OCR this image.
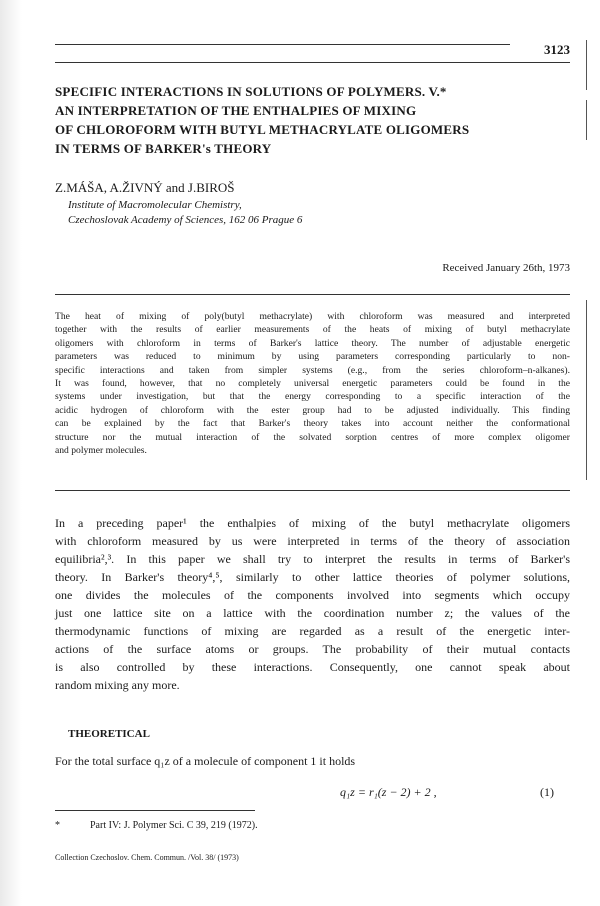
3123
SPECIFIC INTERACTIONS IN SOLUTIONS OF POLYMERS. V.*
AN INTERPRETATION OF THE ENTHALPIES OF MIXING
OF CHLOROFORM WITH BUTYL METHACRYLATE OLIGOMERS
IN TERMS OF BARKER's THEORY
Z.MÁŠA, A.ŽIVNÝ and J.BIROŠ
Institute of Macromolecular Chemistry,
Czechoslovak Academy of Sciences, 162 06 Prague 6
Received January 26th, 1973
The heat of mixing of poly(butyl methacrylate) with chloroform was measured and interpreted
together with the results of earlier measurements of the heats of mixing of butyl methacrylate
oligomers with chloroform in terms of Barker's lattice theory. The number of adjustable energetic
parameters was reduced to minimum by using parameters corresponding particularly to non-
specific interactions and taken from simpler systems (e.g., from the series chloroform–n-alkanes).
It was found, however, that no completely universal energetic parameters could be found in the
systems under investigation, but that the energy corresponding to a specific interaction of the
acidic hydrogen of chloroform with the ester group had to be adjusted individually. This finding
can be explained by the fact that Barker's theory takes into account neither the conformational
structure nor the mutual interaction of the solvated sorption centres of more complex oligomer
and polymer molecules.
In a preceding paper¹ the enthalpies of mixing of the butyl methacrylate oligomers
with chloroform measured by us were interpreted in terms of the theory of association
equilibria²,³. In this paper we shall try to interpret the results in terms of Barker's
theory. In Barker's theory⁴,⁵, similarly to other lattice theories of polymer solutions,
one divides the molecules of the components involved into segments which occupy
just one lattice site on a lattice with the coordination number z; the values of the
thermodynamic functions of mixing are regarded as a result of the energetic inter-
actions of the surface atoms or groups. The probability of their mutual contacts
is also controlled by these interactions. Consequently, one cannot speak about
random mixing any more.
THEORETICAL
For the total surface q₁z of a molecule of component 1 it holds
q₁z = r₁(z − 2) + 2 ,	(1)
*	Part IV: J. Polymer Sci. C 39, 219 (1972).
Collection Czechoslov. Chem. Commun. /Vol. 38/ (1973)
